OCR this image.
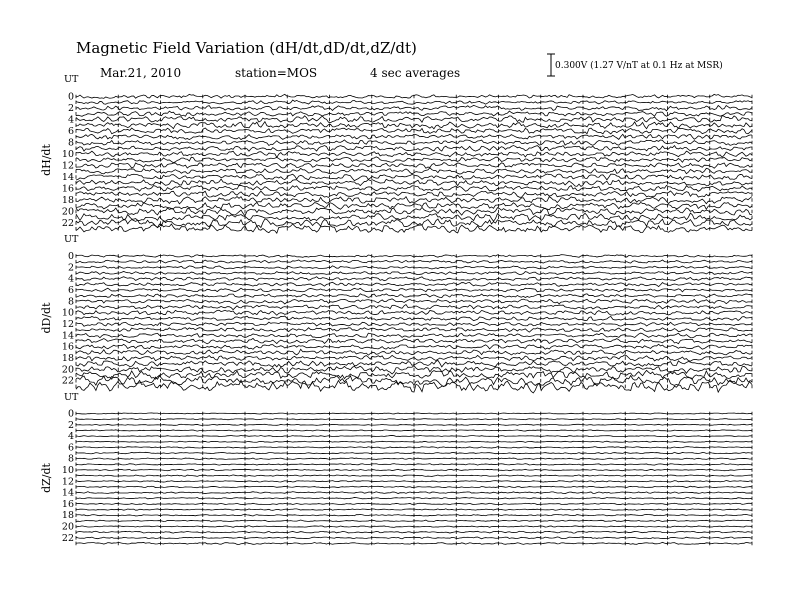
Magnetic Field Variation (dH/dt,dD/dt,dZ/dt)
Mar.21, 2010	station=MOS	4 sec averages	0.300V (1.27 V/nT at 0.1 Hz at MSR)
UT
dH/dt
0
2
4
6
8
10
12
14
16
18
20
22
UT
dD/dt
0
2
4
6
8
10
12
14
16
18
20
22
UT
dZ/dt
0
2
4
6
8
10
12
14
16
18
20
22
